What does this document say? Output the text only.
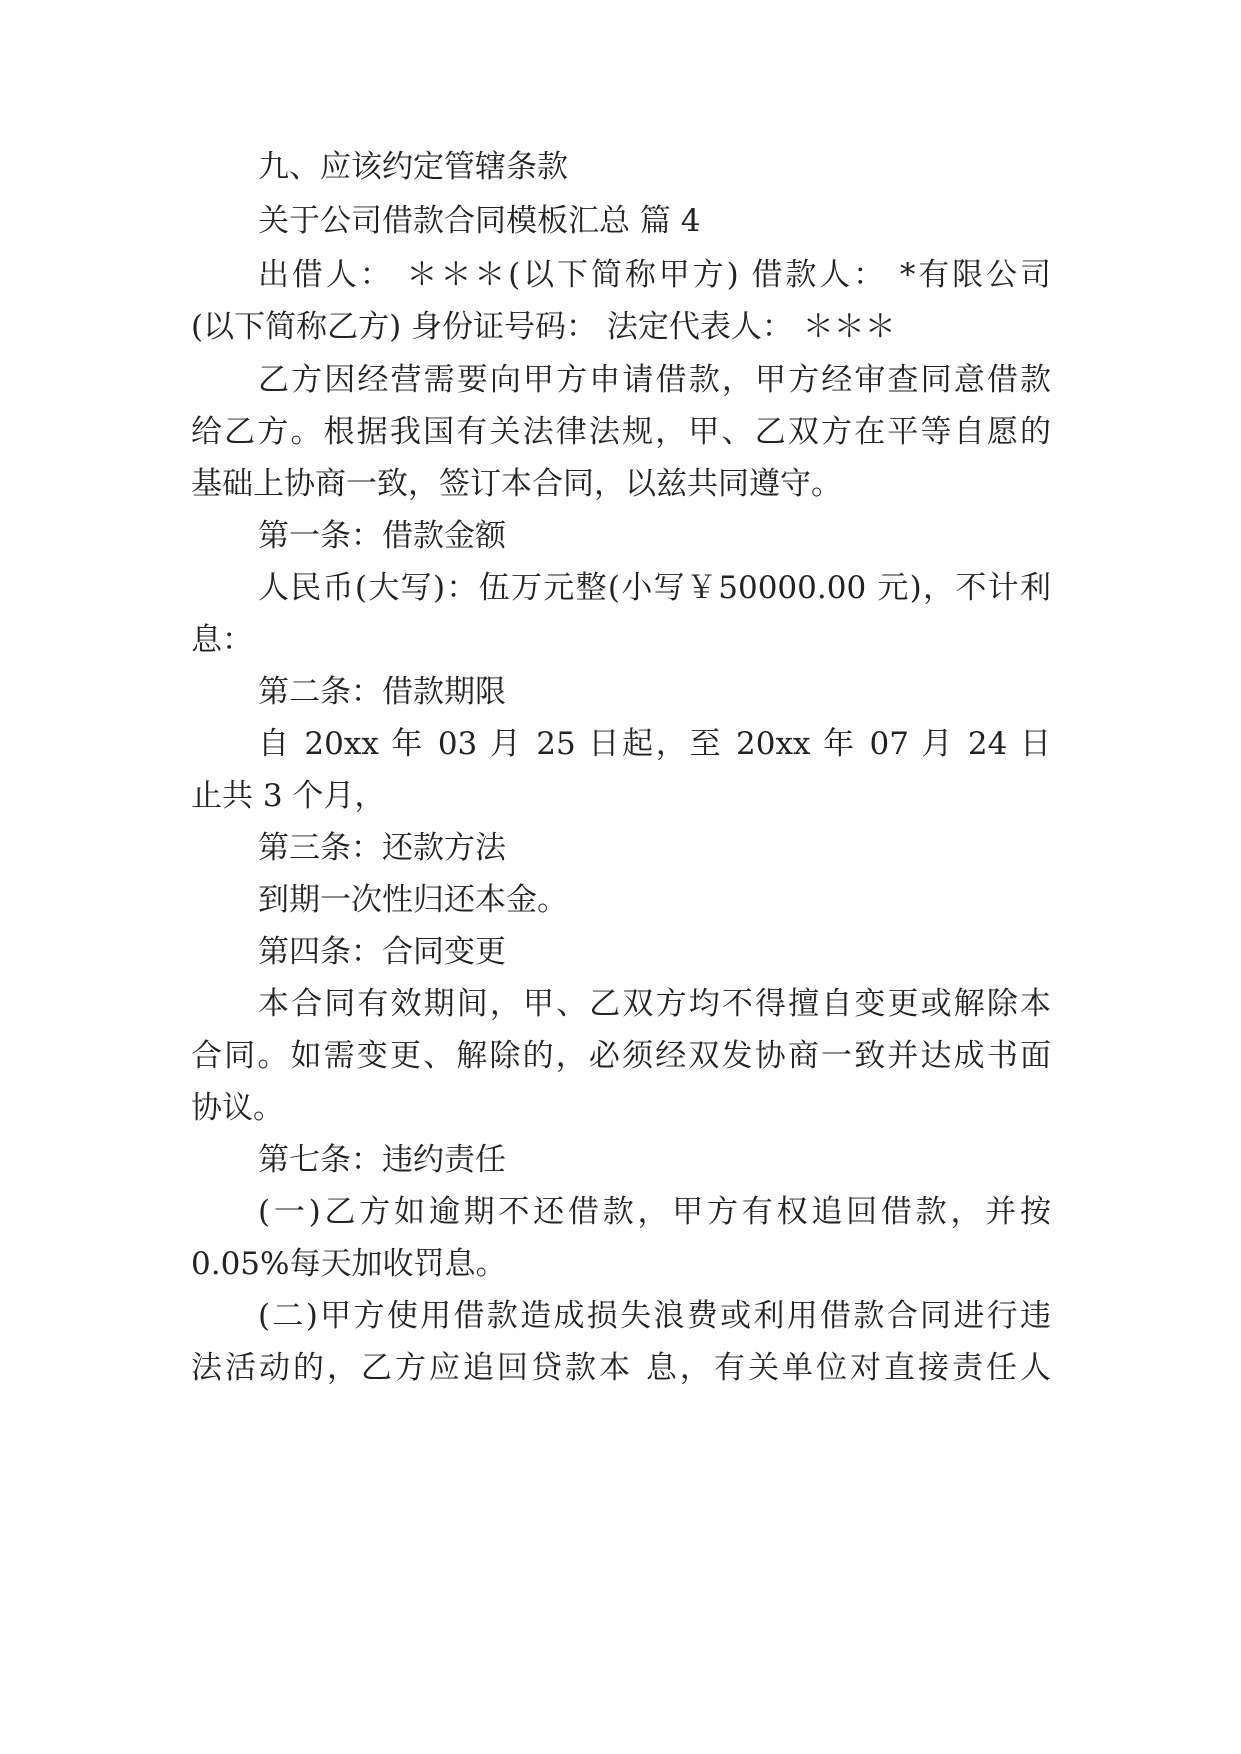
九、应该约定管辖条款
关于公司借款合同模板汇总 篇 4
出借人： ＊＊＊(以下简称甲方) 借款人： *有限公司
(以下简称乙方) 身份证号码： 法定代表人： ＊＊＊
乙方因经营需要向甲方申请借款，甲方经审查同意借款
给乙方。根据我国有关法律法规，甲、乙双方在平等自愿的
基础上协商一致，签订本合同，以兹共同遵守。
第一条：借款金额
人民币(大写)：伍万元整(小写￥50000.00 元)，不计利
息：
第二条：借款期限
自 20xx 年 03 月 25 日起，至 20xx 年 07 月 24 日
止共 3 个月，
第三条：还款方法
到期一次性归还本金。
第四条：合同变更
本合同有效期间，甲、乙双方均不得擅自变更或解除本
合同。如需变更、解除的，必须经双发协商一致并达成书面
协议。
第七条：违约责任
(一)乙方如逾期不还借款，甲方有权追回借款，并按
0.05%每天加收罚息。
(二)甲方使用借款造成损失浪费或利用借款合同进行违
法活动的，乙方应追回贷款本 息，有关单位对直接责任人
